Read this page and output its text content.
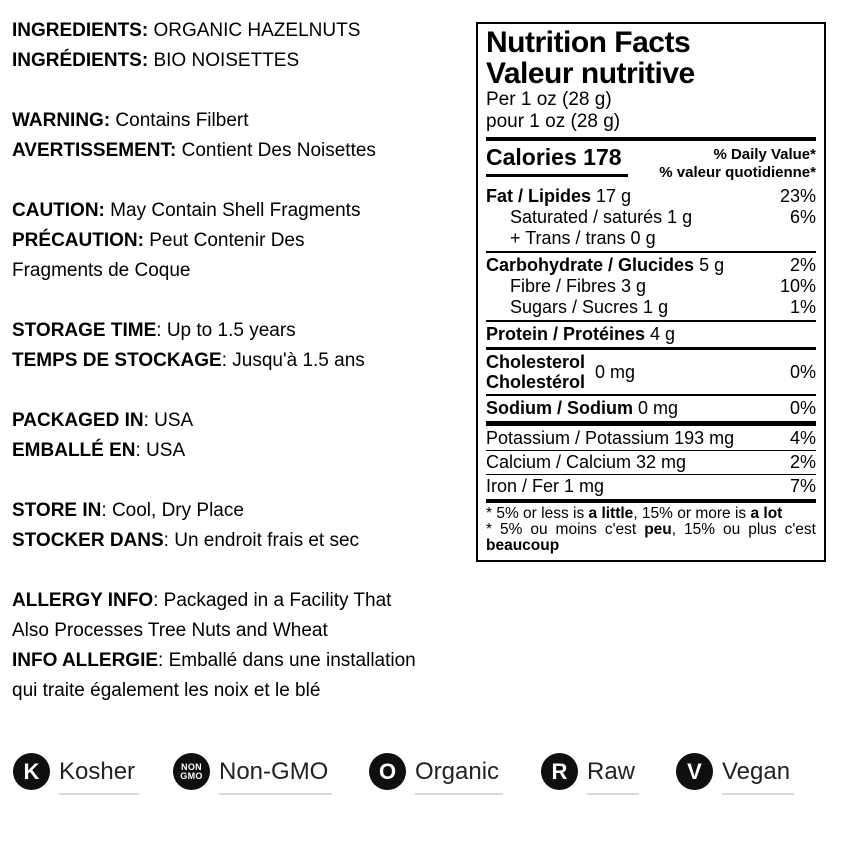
INGREDIENTS: ORGANIC HAZELNUTS
INGRÉDIENTS: BIO NOISETTES
WARNING: Contains Filbert
AVERTISSEMENT: Contient Des Noisettes
CAUTION: May Contain Shell Fragments
PRÉCAUTION: Peut Contenir Des
Fragments de Coque
STORAGE TIME: Up to 1.5 years
TEMPS DE STOCKAGE: Jusqu'à 1.5 ans
PACKAGED IN: USA
EMBALLÉ EN: USA
STORE IN: Cool, Dry Place
STOCKER DANS: Un endroit frais et sec
ALLERGY INFO: Packaged in a Facility That
Also Processes Tree Nuts and Wheat
INFO ALLERGIE: Emballé dans une installation
qui traite également les noix et le blé
Nutrition Facts
Valeur nutritive
Per 1 oz (28 g)
pour 1 oz (28 g)
Calories 178	% Daily Value*
% valeur quotidienne*
Fat / Lipides 17 g	23%
Saturated / saturés 1 g	6%
+ Trans / trans 0 g
Carbohydrate / Glucides 5 g	2%
Fibre / Fibres 3 g	10%
Sugars / Sucres 1 g	1%
Protein / Protéines 4 g
Cholesterol
Cholestérol 0 mg	0%
Sodium / Sodium 0 mg	0%
Potassium / Potassium 193 mg	4%
Calcium / Calcium 32 mg	2%
Iron / Fer 1 mg	7%
* 5% or less is a little, 15% or more is a lot
* 5% ou moins c'est peu, 15% ou plus c'est
beaucoup
K Kosher	NON
GMO Non-GMO O Organic R Raw V Vegan
